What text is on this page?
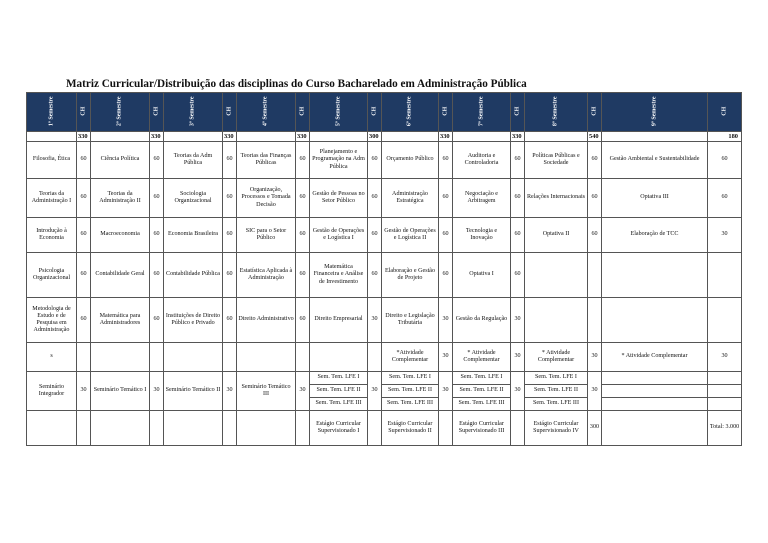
Matriz Curricular/Distribuição das disciplinas do Curso Bacharelado em Administração Pública
1º Semestre	CH	2º Semestre	CH	3º Semestre	CH	4º Semestre	CH	5º Semestre	CH	6º Semestre	CH	7º Semestre	CH	8º Semestre	CH	9º Semestre	CH
	330		330		330		330		300		330		330		540		180
Filosofia, Ética	60	Ciência Política	60	Teorias da Adm Pública	60	Teorias das Finanças Públicas	60	Planejamento e Programação na Adm Pública	60	Orçamento Público	60	Auditoria e Controladoria	60	Políticas Públicas e Sociedade	60	Gestão Ambiental e Sustentabilidade	60
Teorias da Administração I	60	Teorias da Administração II	60	Sociologia Organizacional	60	Organização, Processos e Tomada Decisão	60	Gestão de Pessoas no Setor Público	60	Administração Estratégica	60	Negociação e Arbitragem	60	Relações Internacionais	60	Optativa III	60
Introdução à Economia	60	Macroeconomia	60	Economia Brasileira	60	SIC para o Setor Público	60	Gestão de Operações e Logística I	60	Gestão de Operações e Logística II	60	Tecnologia e Inovação	60	Optativa II	60	Elaboração de TCC	30
Psicologia Organizacional	60	Contabilidade Geral	60	Contabilidade Pública	60	Estatística Aplicada à Administração	60	Matemática Financeira e Análise de Investimento	60	Elaboração e Gestão de Projeto	60	Optativa I	60				
Metodologia de Estudo e de Pesquisa em Administração	60	Matemática para Administradores	60	Instituições de Direito Público e Privado	60	Direito Administrativo	60	Direito Empresarial	30	Direito e Legislação Tributária	30	Gestão da Regulação	30				
s										*Atividade Complementar	30	* Atividade Complementar	30	* Atividade Complementar	30	* Atividade Complementar	30
Seminário Integrador	30	Seminário Temático I	30	Seminário Temático II	30	Seminário Temático III	30	Sem. Tem. LFE I	30	Sem. Tem. LFE I	30	Sem. Tem. LFE I	30	Sem. Tem. LFE I	30		
								Sem. Tem. LFE II		Sem. Tem. LFE II		Sem. Tem. LFE II		Sem. Tem. LFE II			
								Sem. Tem. LFE III		Sem. Tem. LFE III		Sem. Tem. LFE III		Sem. Tem. LFE III			
								Estágio Curricular Supervisionado I		Estágio Curricular Supervisionado II		Estágio Curricular Supervisionado III		Estágio Curricular Supervisionado IV	300		Total: 3.000
